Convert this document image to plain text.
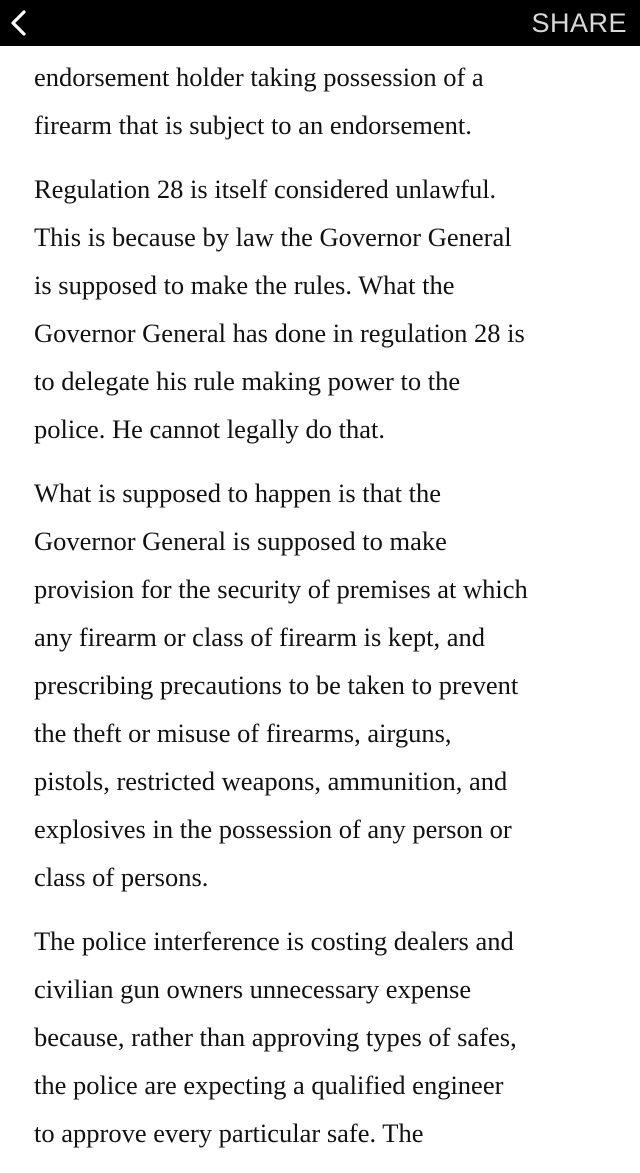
SHARE

endorsement holder taking possession of a
firearm that is subject to an endorsement.

Regulation 28 is itself considered unlawful.
This is because by law the Governor General
is supposed to make the rules. What the
Governor General has done in regulation 28 is
to delegate his rule making power to the
police. He cannot legally do that.

What is supposed to happen is that the
Governor General is supposed to make
provision for the security of premises at which
any firearm or class of firearm is kept, and
prescribing precautions to be taken to prevent
the theft or misuse of firearms, airguns,
pistols, restricted weapons, ammunition, and
explosives in the possession of any person or
class of persons.

The police interference is costing dealers and
civilian gun owners unnecessary expense
because, rather than approving types of safes,
the police are expecting a qualified engineer
to approve every particular safe. The
